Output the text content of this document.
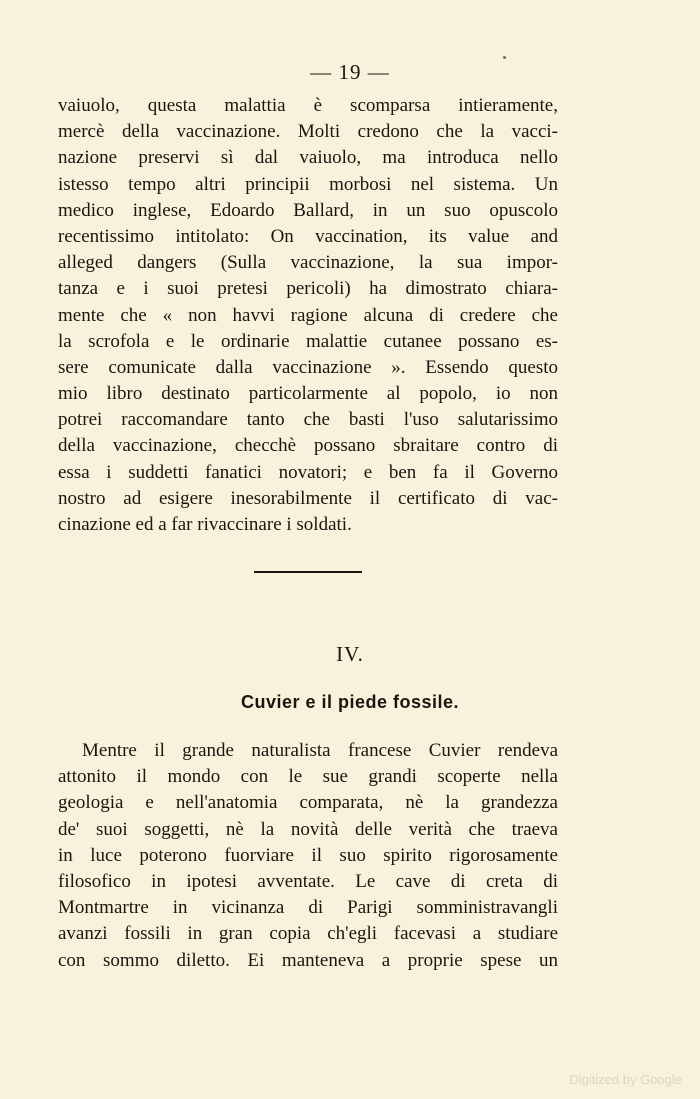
— 19 —
vaiuolo, questa malattia è scomparsa intieramente,
mercè della vaccinazione. Molti credono che la vacci-
nazione preservi sì dal vaiuolo, ma introduca nello
istesso tempo altri principii morbosi nel sistema. Un
medico inglese, Edoardo Ballard, in un suo opuscolo
recentissimo intitolato: On vaccination, its value and
alleged dangers (Sulla vaccinazione, la sua impor-
tanza e i suoi pretesi pericoli) ha dimostrato chiara-
mente che « non havvi ragione alcuna di credere che
la scrofola e le ordinarie malattie cutanee possano es-
sere comunicate dalla vaccinazione ». Essendo questo
mio libro destinato particolarmente al popolo, io non
potrei raccomandare tanto che basti l'uso salutarissimo
della vaccinazione, checchè possano sbraitare contro di
essa i suddetti fanatici novatori; e ben fa il Governo
nostro ad esigere inesorabilmente il certificato di vac-
cinazione ed a far rivaccinare i soldati.
IV.
Cuvier e il piede fossile.
Mentre il grande naturalista francese Cuvier rendeva
attonito il mondo con le sue grandi scoperte nella
geologia e nell'anatomia comparata, nè la grandezza
de' suoi soggetti, nè la novità delle verità che traeva
in luce poterono fuorviare il suo spirito rigorosamente
filosofico in ipotesi avventate. Le cave di creta di
Montmartre in vicinanza di Parigi somministravangli
avanzi fossili in gran copia ch'egli facevasi a studiare
con sommo diletto. Ei manteneva a proprie spese un
Digitized by Google
